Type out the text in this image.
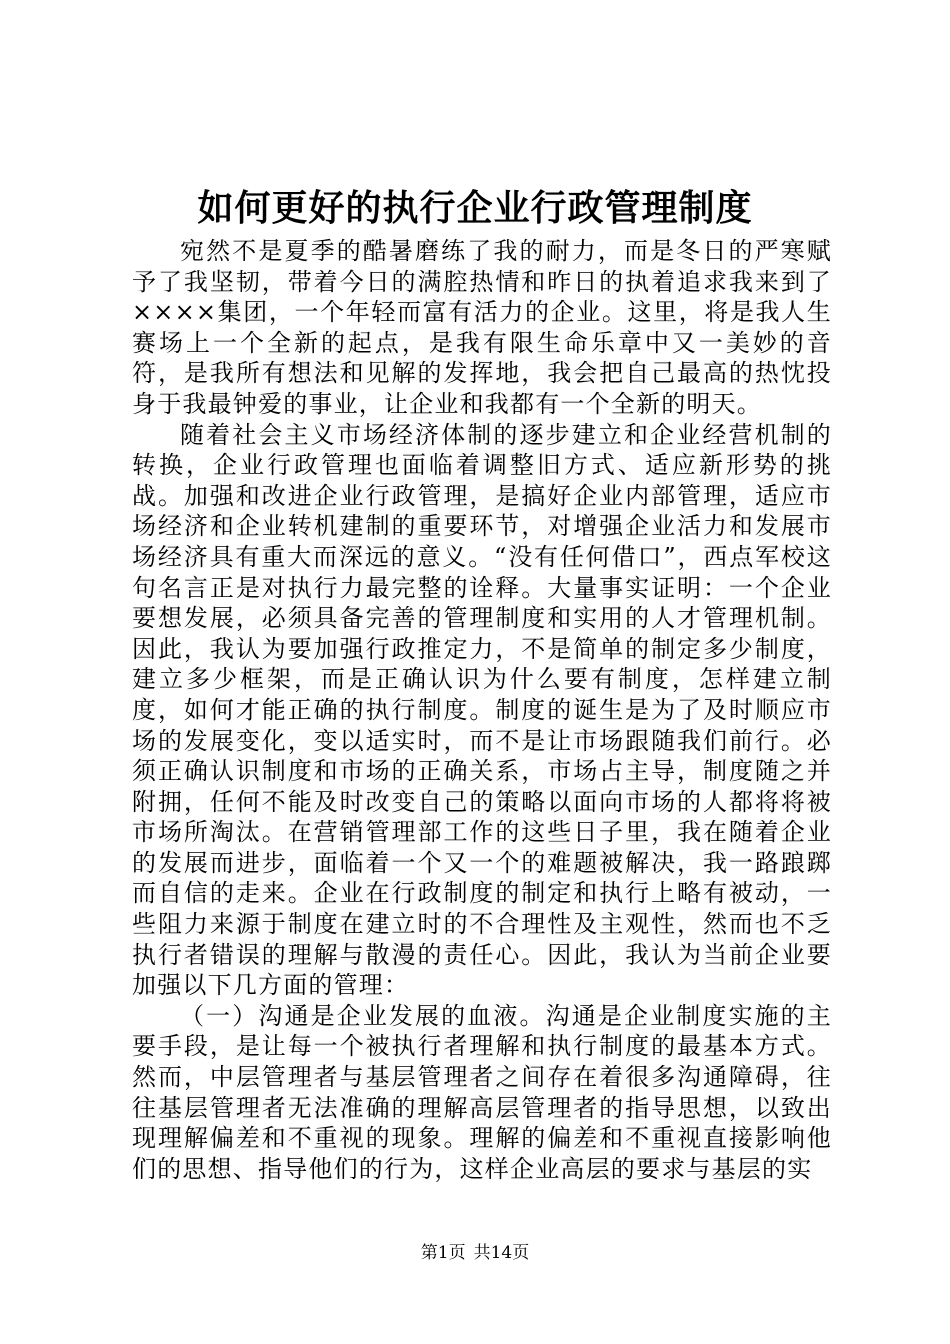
如何更好的执行企业行政管理制度

宛然不是夏季的酷暑磨练了我的耐力，而是冬日的严寒赋予了我坚韧，带着今日的满腔热情和昨日的执着追求我来到了××××集团，一个年轻而富有活力的企业。这里，将是我人生赛场上一个全新的起点，是我有限生命乐章中又一美妙的音符，是我所有想法和见解的发挥地，我会把自己最高的热忱投身于我最钟爱的事业，让企业和我都有一个全新的明天。

随着社会主义市场经济体制的逐步建立和企业经营机制的转换，企业行政管理也面临着调整旧方式、适应新形势的挑战。加强和改进企业行政管理，是搞好企业内部管理，适应市场经济和企业转机建制的重要环节，对增强企业活力和发展市场经济具有重大而深远的意义。“没有任何借口”，西点军校这句名言正是对执行力最完整的诠释。大量事实证明：一个企业要想发展，必须具备完善的管理制度和实用的人才管理机制。因此，我认为要加强行政推定力，不是简单的制定多少制度，建立多少框架，而是正确认识为什么要有制度，怎样建立制度，如何才能正确的执行制度。制度的诞生是为了及时顺应市场的发展变化，变以适实时，而不是让市场跟随我们前行。必须正确认识制度和市场的正确关系，市场占主导，制度随之并附拥，任何不能及时改变自己的策略以面向市场的人都将将被市场所淘汰。在营销管理部工作的这些日子里，我在随着企业的发展而进步，面临着一个又一个的难题被解决，我一路踉踯而自信的走来。企业在行政制度的制定和执行上略有被动，一些阻力来源于制度在建立时的不合理性及主观性，然而也不乏执行者错误的理解与散漫的责任心。因此，我认为当前企业要加强以下几方面的管理：

（一）沟通是企业发展的血液。沟通是企业制度实施的主要手段，是让每一个被执行者理解和执行制度的最基本方式。然而，中层管理者与基层管理者之间存在着很多沟通障碍，往往基层管理者无法准确的理解高层管理者的指导思想，以致出现理解偏差和不重视的现象。理解的偏差和不重视直接影响他们的思想、指导他们的行为，这样企业高层的要求与基层的实

第1页 共14页
